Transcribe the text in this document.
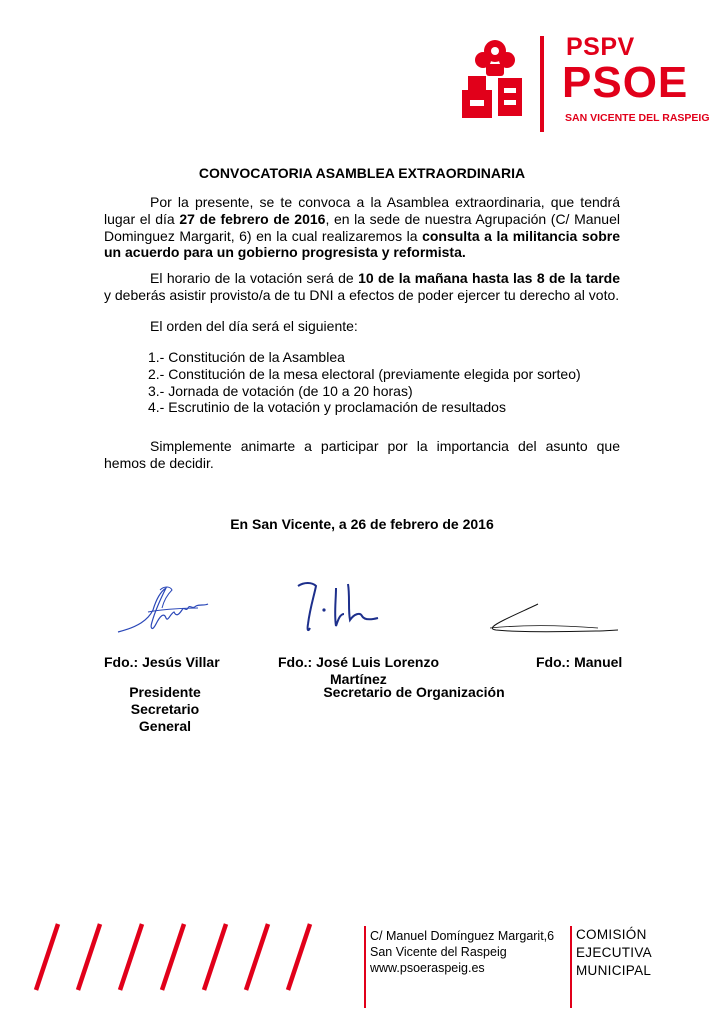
PSPV
PSOE
SAN VICENTE DEL RASPEIG
CONVOCATORIA ASAMBLEA EXTRAORDINARIA
Por la presente, se te convoca a la Asamblea extraordinaria, que tendrá lugar el día 27 de febrero de 2016, en la sede de nuestra Agrupación (C/ Manuel Dominguez Margarit, 6) en la cual realizaremos la consulta a la militancia sobre un acuerdo para un gobierno progresista y reformista.
El horario de la votación será de 10 de la mañana hasta las 8 de la tarde y deberás asistir provisto/a de tu DNI a efectos de poder ejercer tu derecho al voto.
El orden del día será el siguiente:
1.- Constitución de la Asamblea
2.- Constitución de la mesa electoral (previamente elegida por sorteo)
3.- Jornada de votación (de 10 a 20 horas)
4.- Escrutinio de la votación y proclamación de resultados
Simplemente animarte a participar por la importancia del asunto que hemos de decidir.
En San Vicente, a 26 de febrero de 2016
Fdo.: Jesús Villar
Presidente
Secretario General
Fdo.: José Luis Lorenzo
Martínez
Secretario de Organización
Fdo.: Manuel
C/ Manuel Domínguez Margarit,6
San Vicente del Raspeig
www.psoeraspeig.es
COMISIÓN
EJECUTIVA
MUNICIPAL
